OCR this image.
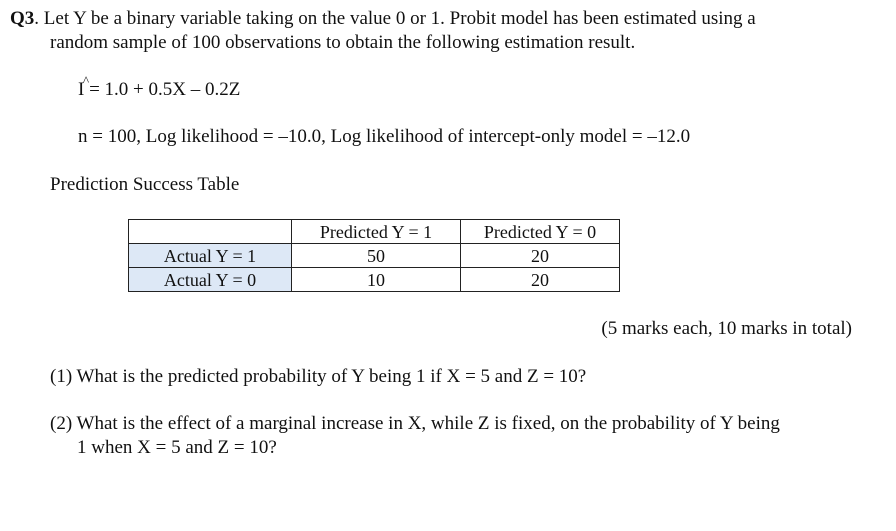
Q3. Let Y be a binary variable taking on the value 0 or 1. Probit model has been estimated using a
random sample of 100 observations to obtain the following estimation result.
I
^ = 1.0 + 0.5X – 0.2Z
n = 100, Log likelihood = –10.0, Log likelihood of intercept-only model = –12.0
Prediction Success Table
	Predicted Y = 1	Predicted Y = 0
Actual Y = 1	50	20
Actual Y = 0	10	20
(5 marks each, 10 marks in total)
(1) What is the predicted probability of Y being 1 if X = 5 and Z = 10?
(2) What is the effect of a marginal increase in X, while Z is fixed, on the probability of Y being
1 when X = 5 and Z = 10?
